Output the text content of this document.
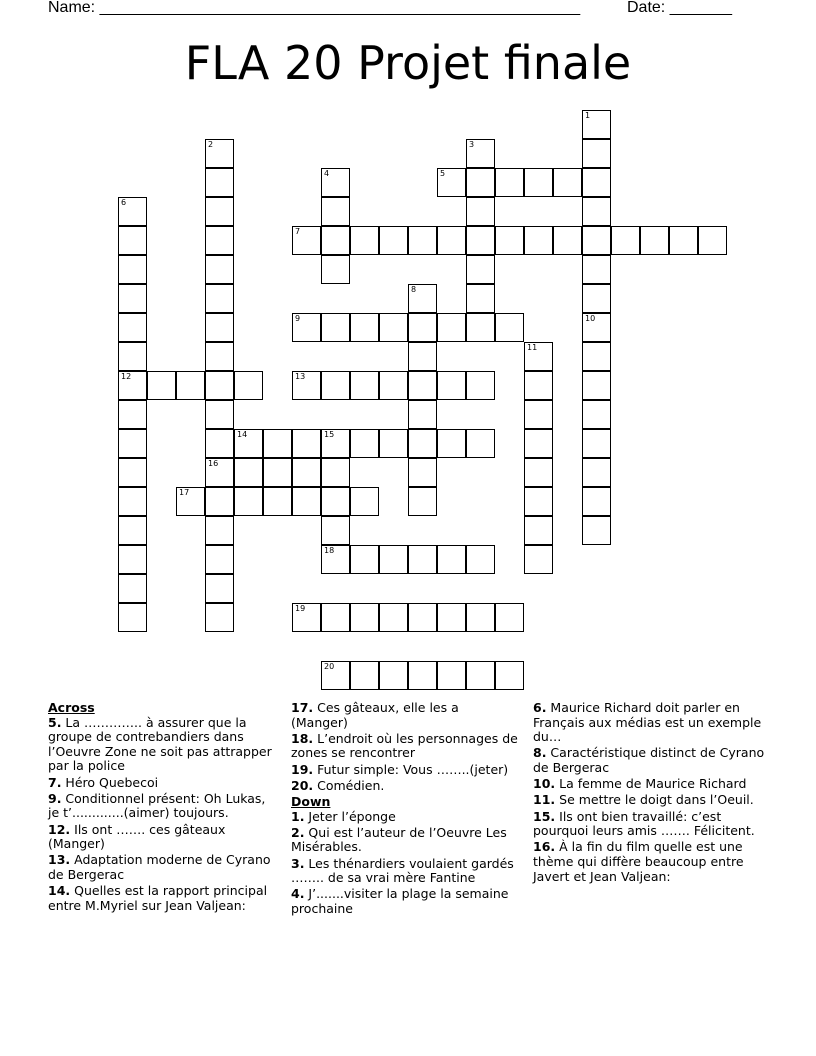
Name: ______________________________________________________	Date: _______
FLA 20 Projet finale
1
10
2
16
3
4	5
6
12
7
8
9
11
13
14	15
17
18
19
20
Across
5. La ………….. à assurer que la groupe de contrebandiers dans l’Oeuvre Zone ne soit pas attrapper par la police
7. Héro Quebecoi
9. Conditionnel présent: Oh Lukas, je t’.............(aimer) toujours.
12. Ils ont ……. ces gâteaux (Manger)
13. Adaptation moderne de Cyrano de Bergerac
14. Quelles est la rapport principal entre M.Myriel sur Jean Valjean:
17. Ces gâteaux, elle les a (Manger)
18. L’endroit où les personnages de zones se rencontrer
19. Futur simple: Vous ……..(jeter)
20. Comédien.
Down
1. Jeter l’éponge
2. Qui est l’auteur de l’Oeuvre Les Misérables.
3. Les thénardiers voulaient gardés …….. de sa vrai mère Fantine
4. J’.......visiter la plage la semaine prochaine
6. Maurice Richard doit parler en Français aux médias est un exemple du…
8. Caractéristique distinct de Cyrano de Bergerac
10. La femme de Maurice Richard
11. Se mettre le doigt dans l’Oeuil.
15. Ils ont bien travaillé: c’est pourquoi leurs amis ……. Félicitent.
16. À la fin du film quelle est une thème qui diffère beaucoup entre Javert et Jean Valjean:
